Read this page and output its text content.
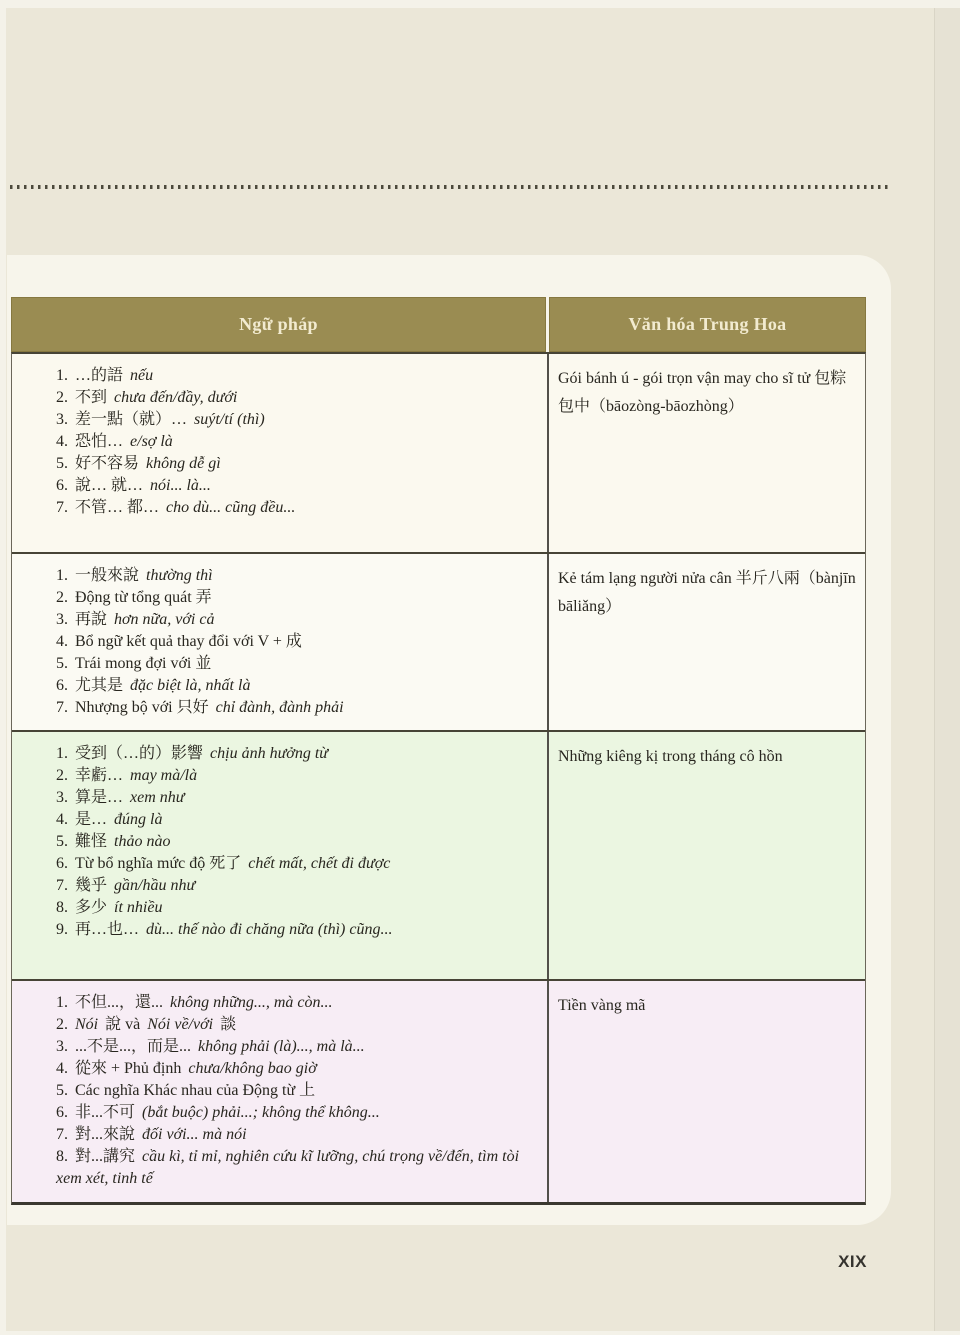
Ngữ pháp	Văn hóa Trung Hoa
1. …的語 nếu
2. 不到 chưa đến/đầy, dưới
3. 差一點（就）… suýt/tí (thì)
4. 恐怕… e/sợ là
5. 好不容易 không dễ gì
6. 說… 就… nói... là...
7. 不管… 都… cho dù... cũng đều...
Gói bánh ú - gói trọn vận may cho sĩ tử 包粽包中（bāozòng-bāozhòng）
1. 一般來說 thường thì
2. Động từ tổng quát 弄
3. 再說 hơn nữa, với cả
4. Bổ ngữ kết quả thay đổi với V + 成
5. Trái mong đợi với 並
6. 尤其是 đặc biệt là, nhất là
7. Nhượng bộ với 只好 chỉ đành, đành phải
Kẻ tám lạng người nửa cân 半斤八兩（bànjīn bāliǎng）
1. 受到（…的）影響 chịu ảnh hưởng từ
2. 幸虧… may mà/là
3. 算是… xem như
4. 是… đúng là
5. 難怪 thảo nào
6. Từ bổ nghĩa mức độ 死了 chết mất, chết đi được
7. 幾乎 gần/hầu như
8. 多少 ít nhiều
9. 再…也… dù... thế nào đi chăng nữa (thì) cũng...
Những kiêng kị trong tháng cô hồn
1. 不但...，還... không những..., mà còn...
2. Nói 說 và Nói về/với 談
3. ...不是...，而是... không phải (là)..., mà là...
4. 從來 + Phủ định chưa/không bao giờ
5. Các nghĩa Khác nhau của Động từ 上
6. 非...不可 (bắt buộc) phải...; không thể không...
7. 對...來說 đối với... mà nói
8. 對...講究 cầu kì, tỉ mỉ, nghiên cứu kĩ lưỡng, chú trọng về/đến, tìm tòi xem xét, tinh tế
Tiền vàng mã
XIX
